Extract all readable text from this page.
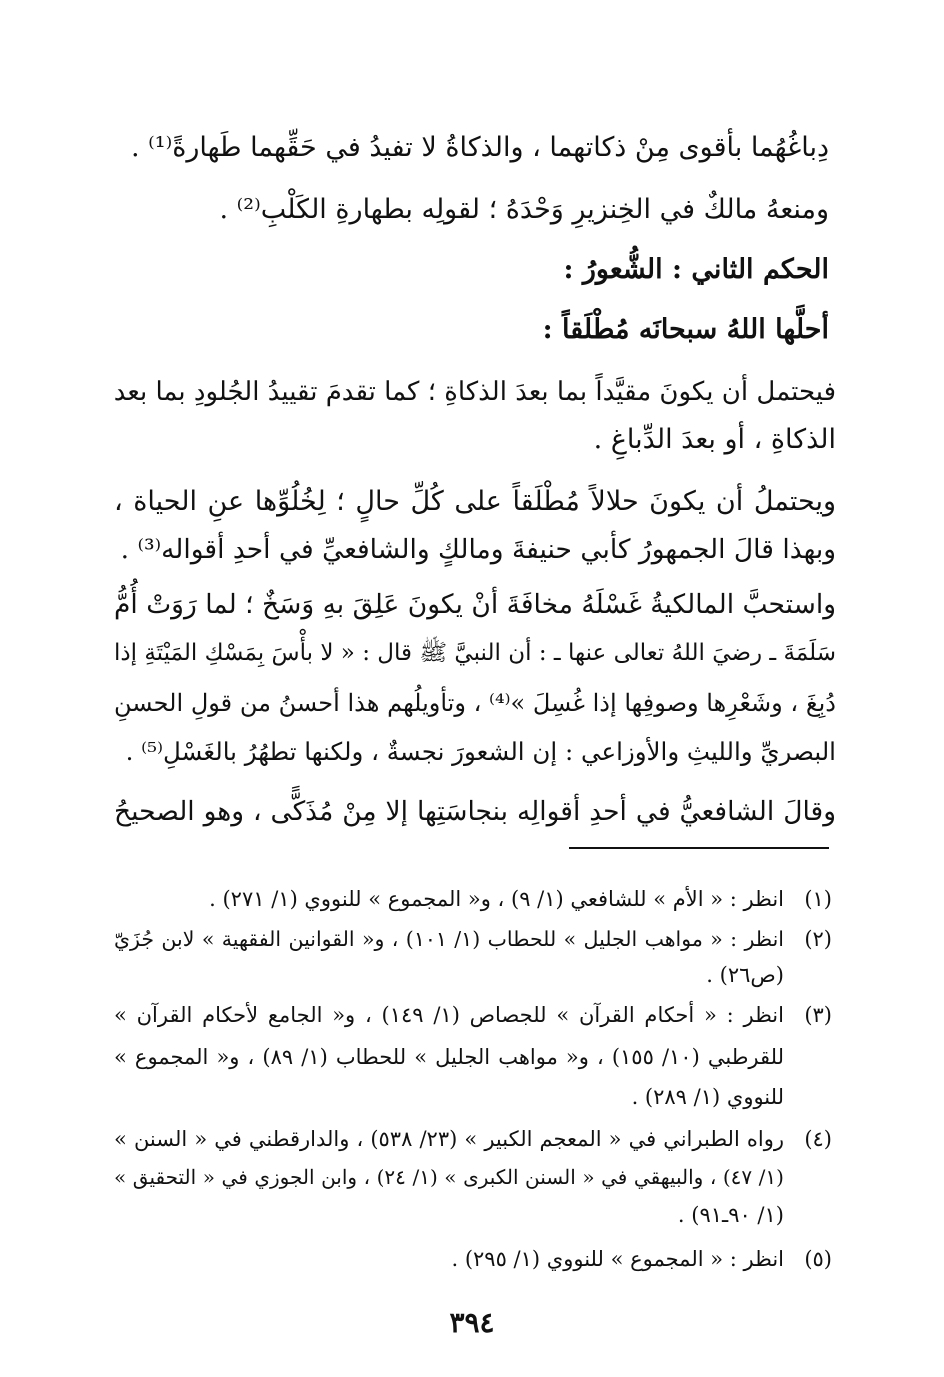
دِباغُهُما بأقوى مِنْ ذكاتهما ، والذكاةُ لا تفيدُ في حَقِّهما طَهارةً⁽¹⁾ .
ومنعهُ مالكٌ في الخِنزيرِ وَحْدَهُ ؛ لقولِه بطهارةِ الكَلْبِ⁽²⁾ .
الحكم الثاني : الشُّعورُ :
أحلَّها اللهُ سبحانَه مُطْلَقاً :
فيحتمل أن يكونَ مقيَّداً بما بعدَ الذكاةِ ؛ كما تقدمَ تقييدُ الجُلودِ بما بعد
الذكاةِ ، أو بعدَ الدِّباغِ .
ويحتملُ أن يكونَ حلالاً مُطْلَقاً على كُلِّ حالٍ ؛ لِخُلُوِّها عنِ الحياة ،
وبهذا قالَ الجمهورُ كأبي حنيفةَ ومالكٍ والشافعيِّ في أحدِ أقواله⁽³⁾ .
واستحبَّ المالكيةُ غَسْلَهُ مخافَةَ أنْ يكونَ عَلِقَ بهِ وَسَخٌ ؛ لما رَوَتْ أُمُّ
سَلَمَةَ ـ رضيَ اللهُ تعالى عنها ـ : أن النبيَّ ﷺ قال : « لا بأْسَ بِمَسْكِ المَيْتَةِ إذا
دُبِغَ ، وشَعْرِها وصوفِها إذا غُسِلَ »⁽⁴⁾ ، وتأويلُهم هذا أحسنُ من قولِ الحسنِ
البصريِّ والليثِ والأوزاعي : إن الشعورَ نجسةٌ ، ولكنها تطهُرُ بالغَسْلِ⁽⁵⁾ .
وقالَ الشافعيُّ في أحدِ أقوالِه بنجاسَتِها إلا مِنْ مُذَكًّى ، وهو الصحيحُ
(١)
انظر : « الأم » للشافعي (١/ ٩) ، و« المجموع » للنووي (١/ ٢٧١) .
(٢)
انظر : « مواهب الجليل » للحطاب (١/ ١٠١) ، و« القوانين الفقهية » لابن جُزَيّ
(ص٢٦) .
(٣)
انظر : « أحكام القرآن » للجصاص (١/ ١٤٩) ، و« الجامع لأحكام القرآن »
للقرطبي (١٠/ ١٥٥) ، و« مواهب الجليل » للحطاب (١/ ٨٩) ، و« المجموع »
للنووي (١/ ٢٨٩) .
(٤)
رواه الطبراني في « المعجم الكبير » (٢٣/ ٥٣٨) ، والدارقطني في « السنن »
(١/ ٤٧) ، والبيهقي في « السنن الكبرى » (١/ ٢٤) ، وابن الجوزي في « التحقيق »
(١/ ٩٠ـ٩١) .
(٥)
انظر : « المجموع » للنووي (١/ ٢٩٥) .
٣٩٤
